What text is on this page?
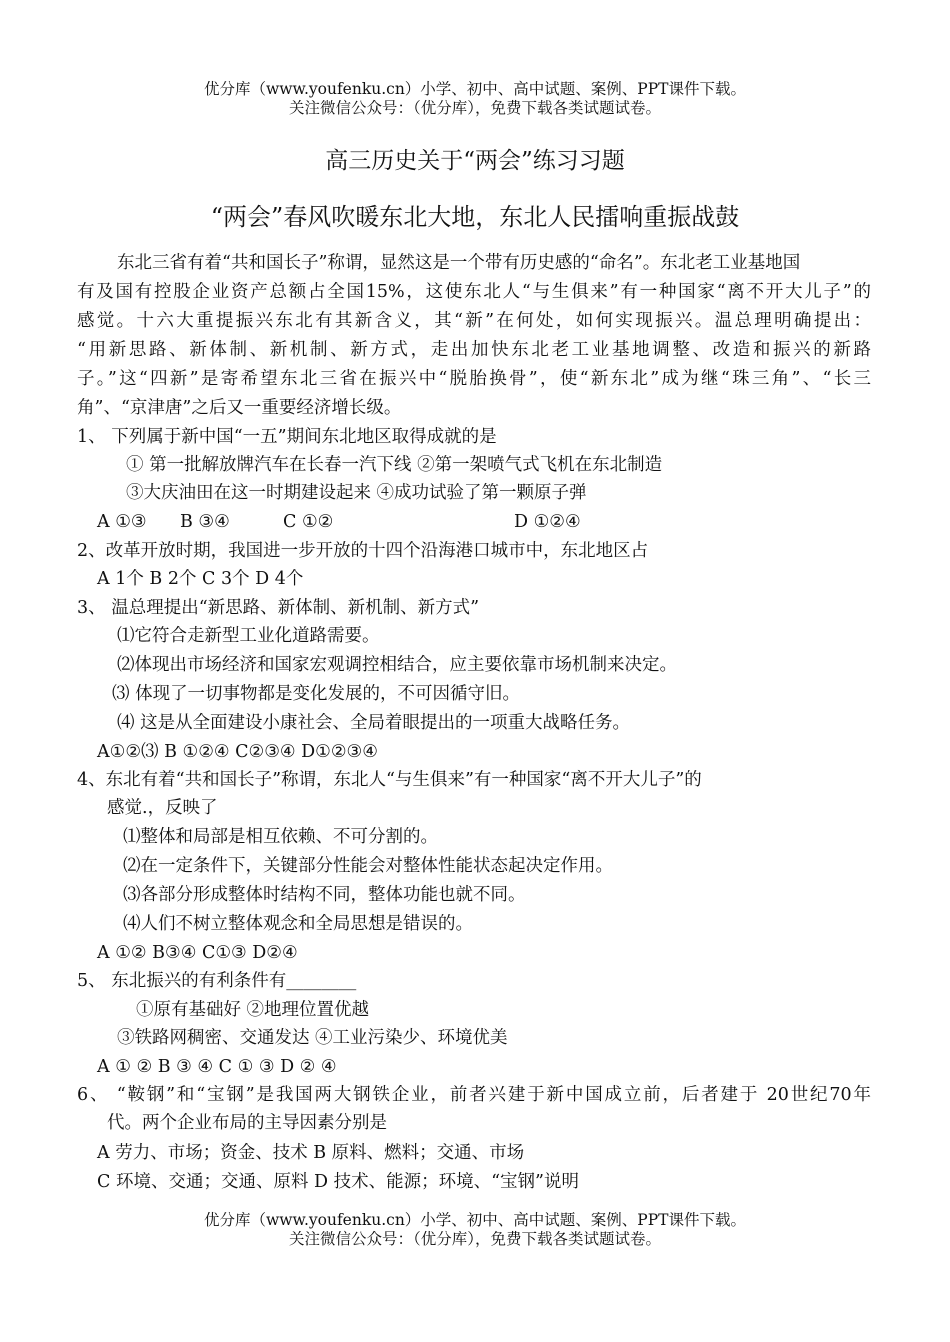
优分库（www.youfenku.cn）小学、初中、高中试题、案例、PPT课件下载。
关注微信公众号：（优分库），免费下载各类试题试卷。
高三历史关于“两会”练习习题
“两会”春风吹暖东北大地，东北人民擂响重振战鼓
东北三省有着“共和国长子”称谓，显然这是一个带有历史感的“命名”。东北老工业基地国
有及国有控股企业资产总额占全国15%，这使东北人“与生俱来”有一种国家“离不开大儿子”的
感觉。十六大重提振兴东北有其新含义，其“新”在何处，如何实现振兴。温总理明确提出：
“用新思路、新体制、新机制、新方式，走出加快东北老工业基地调整、改造和振兴的新路
子。”这“四新”是寄希望东北三省在振兴中“脱胎换骨”，使“新东北”成为继“珠三角”、“长三
角”、“京津唐”之后又一重要经济增长级。
1、 下列属于新中国“一五”期间东北地区取得成就的是
① 第一批解放牌汽车在长春一汽下线 ②第一架喷气式飞机在东北制造
③大庆油田在这一时期建设起来 ④成功试验了第一颗原子弹
A ①③ B ③④	C ①②	D ①②④
2、改革开放时期，我国进一步开放的十四个沿海港口城市中，东北地区占
A 1个 B 2个 C 3个 D 4个
3、 温总理提出“新思路、新体制、新机制、新方式”
⑴它符合走新型工业化道路需要。
⑵体现出市场经济和国家宏观调控相结合，应主要依靠市场机制来决定。
⑶ 体现了一切事物都是变化发展的，不可因循守旧。
⑷ 这是从全面建设小康社会、全局着眼提出的一项重大战略任务。
A①②⑶ B ①②④ C②③④ D①②③④
4、东北有着“共和国长子”称谓，东北人“与生俱来”有一种国家“离不开大儿子”的
感觉.，反映了
⑴整体和局部是相互依赖、不可分割的。
⑵在一定条件下，关键部分性能会对整体性能状态起决定作用。
⑶各部分形成整体时结构不同，整体功能也就不同。
⑷人们不树立整体观念和全局思想是错误的。
A ①② B③④ C①③ D②④
5、 东北振兴的有利条件有________
①原有基础好 ②地理位置优越
③铁路网稠密、交通发达 ④工业污染少、环境优美
A ① ② B ③ ④ C ① ③ D ② ④
6、 “鞍钢”和“宝钢”是我国两大钢铁企业，前者兴建于新中国成立前，后者建于 20世纪70年
代。两个企业布局的主导因素分别是
A 劳力、市场；资金、技术 B 原料、燃料；交通、市场
C 环境、交通；交通、原料 D 技术、能源；环境、“宝钢”说明
优分库（www.youfenku.cn）小学、初中、高中试题、案例、PPT课件下载。
关注微信公众号：（优分库），免费下载各类试题试卷。
